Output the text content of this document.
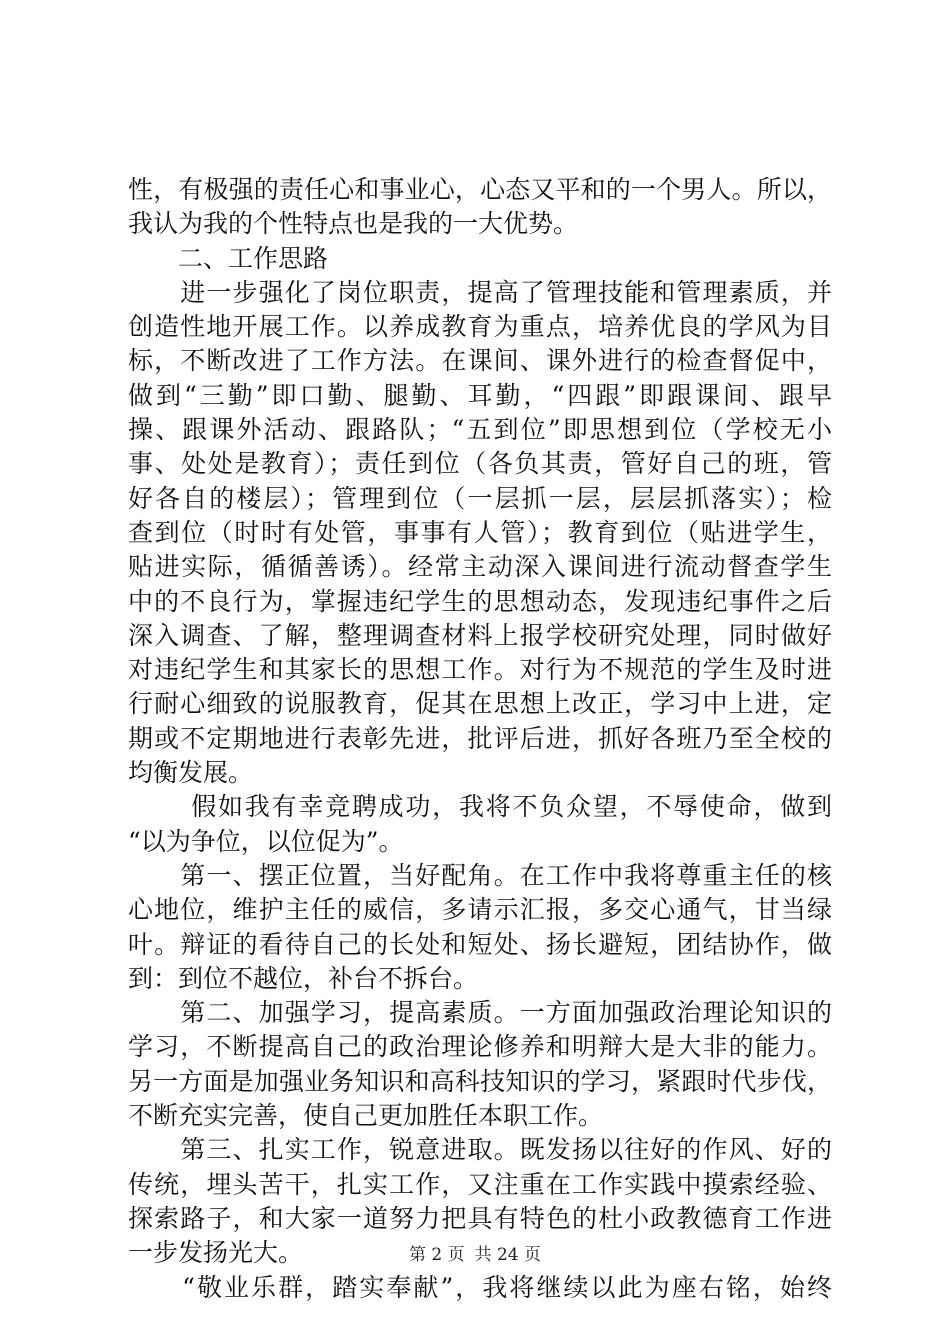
性，有极强的责任心和事业心，心态又平和的一个男人。所以，
我认为我的个性特点也是我的一大优势。
　　二、工作思路
　　进一步强化了岗位职责，提高了管理技能和管理素质，并
创造性地开展工作。以养成教育为重点，培养优良的学风为目
标，不断改进了工作方法。在课间、课外进行的检查督促中，
做到“三勤”即口勤、腿勤、耳勤，“四跟”即跟课间、跟早
操、跟课外活动、跟路队；“五到位”即思想到位（学校无小
事、处处是教育）；责任到位（各负其责，管好自己的班，管
好各自的楼层）；管理到位（一层抓一层，层层抓落实）；检
查到位（时时有处管，事事有人管）；教育到位（贴进学生，
贴进实际，循循善诱）。经常主动深入课间进行流动督查学生
中的不良行为，掌握违纪学生的思想动态，发现违纪事件之后
深入调查、了解，整理调查材料上报学校研究处理，同时做好
对违纪学生和其家长的思想工作。对行为不规范的学生及时进
行耐心细致的说服教育，促其在思想上改正，学习中上进，定
期或不定期地进行表彰先进，批评后进，抓好各班乃至全校的
均衡发展。
　　 假如我有幸竞聘成功，我将不负众望，不辱使命，做到
“以为争位，以位促为”。
　　第一、摆正位置，当好配角。在工作中我将尊重主任的核
心地位，维护主任的威信，多请示汇报，多交心通气，甘当绿
叶。辩证的看待自己的长处和短处、扬长避短，团结协作，做
到：到位不越位，补台不拆台。
　　第二、加强学习，提高素质。一方面加强政治理论知识的
学习，不断提高自己的政治理论修养和明辩大是大非的能力。
另一方面是加强业务知识和高科技知识的学习，紧跟时代步伐，
不断充实完善，使自己更加胜任本职工作。
　　第三、扎实工作，锐意进取。既发扬以往好的作风、好的
传统，埋头苦干，扎实工作，又注重在工作实践中摸索经验、
探索路子，和大家一道努力把具有特色的杜小政教德育工作进
一步发扬光大。
　　“敬业乐群，踏实奉献”，我将继续以此为座右铭，始终
第 2 页 共 24 页
